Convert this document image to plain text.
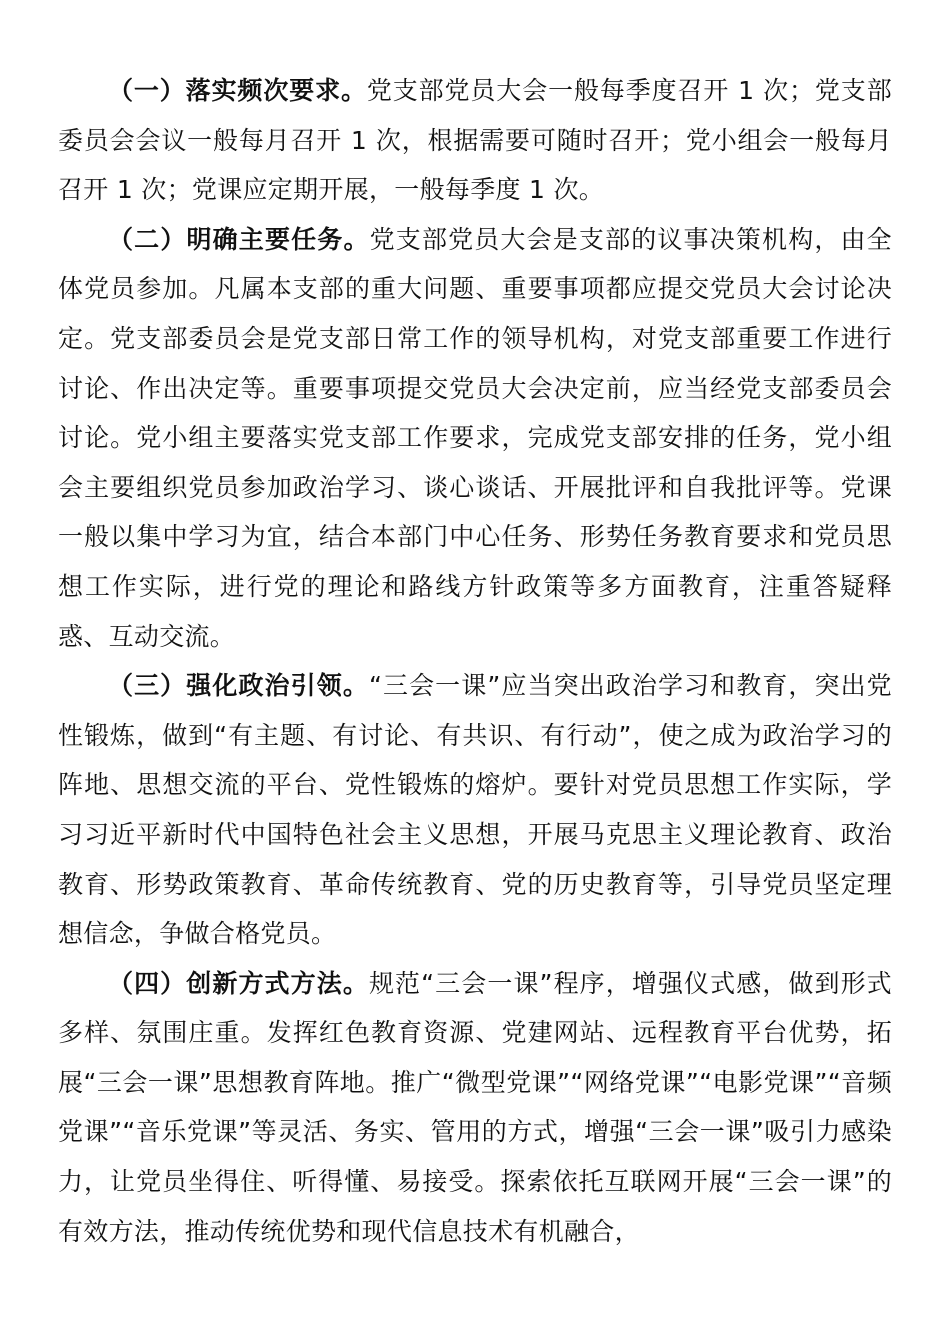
（一）落实频次要求。党支部党员大会一般每季度召开 1 次；党支部委员会会议一般每月召开 1 次，根据需要可随时召开；党小组会一般每月召开 1 次；党课应定期开展，一般每季度 1 次。

（二）明确主要任务。党支部党员大会是支部的议事决策机构，由全体党员参加。凡属本支部的重大问题、重要事项都应提交党员大会讨论决定。党支部委员会是党支部日常工作的领导机构，对党支部重要工作进行讨论、作出决定等。重要事项提交党员大会决定前，应当经党支部委员会讨论。党小组主要落实党支部工作要求，完成党支部安排的任务，党小组会主要组织党员参加政治学习、谈心谈话、开展批评和自我批评等。党课一般以集中学习为宜，结合本部门中心任务、形势任务教育要求和党员思想工作实际，进行党的理论和路线方针政策等多方面教育，注重答疑释惑、互动交流。

（三）强化政治引领。“三会一课”应当突出政治学习和教育，突出党性锻炼，做到“有主题、有讨论、有共识、有行动”，使之成为政治学习的阵地、思想交流的平台、党性锻炼的熔炉。要针对党员思想工作实际，学习习近平新时代中国特色社会主义思想，开展马克思主义理论教育、政治教育、形势政策教育、革命传统教育、党的历史教育等，引导党员坚定理想信念，争做合格党员。

（四）创新方式方法。规范“三会一课”程序，增强仪式感，做到形式多样、氛围庄重。发挥红色教育资源、党建网站、远程教育平台优势，拓展“三会一课”思想教育阵地。推广“微型党课”“网络党课”“电影党课”“音频党课”“音乐党课”等灵活、务实、管用的方式，增强“三会一课”吸引力感染力，让党员坐得住、听得懂、易接受。探索依托互联网开展“三会一课”的有效方法，推动传统优势和现代信息技术有机融合，
